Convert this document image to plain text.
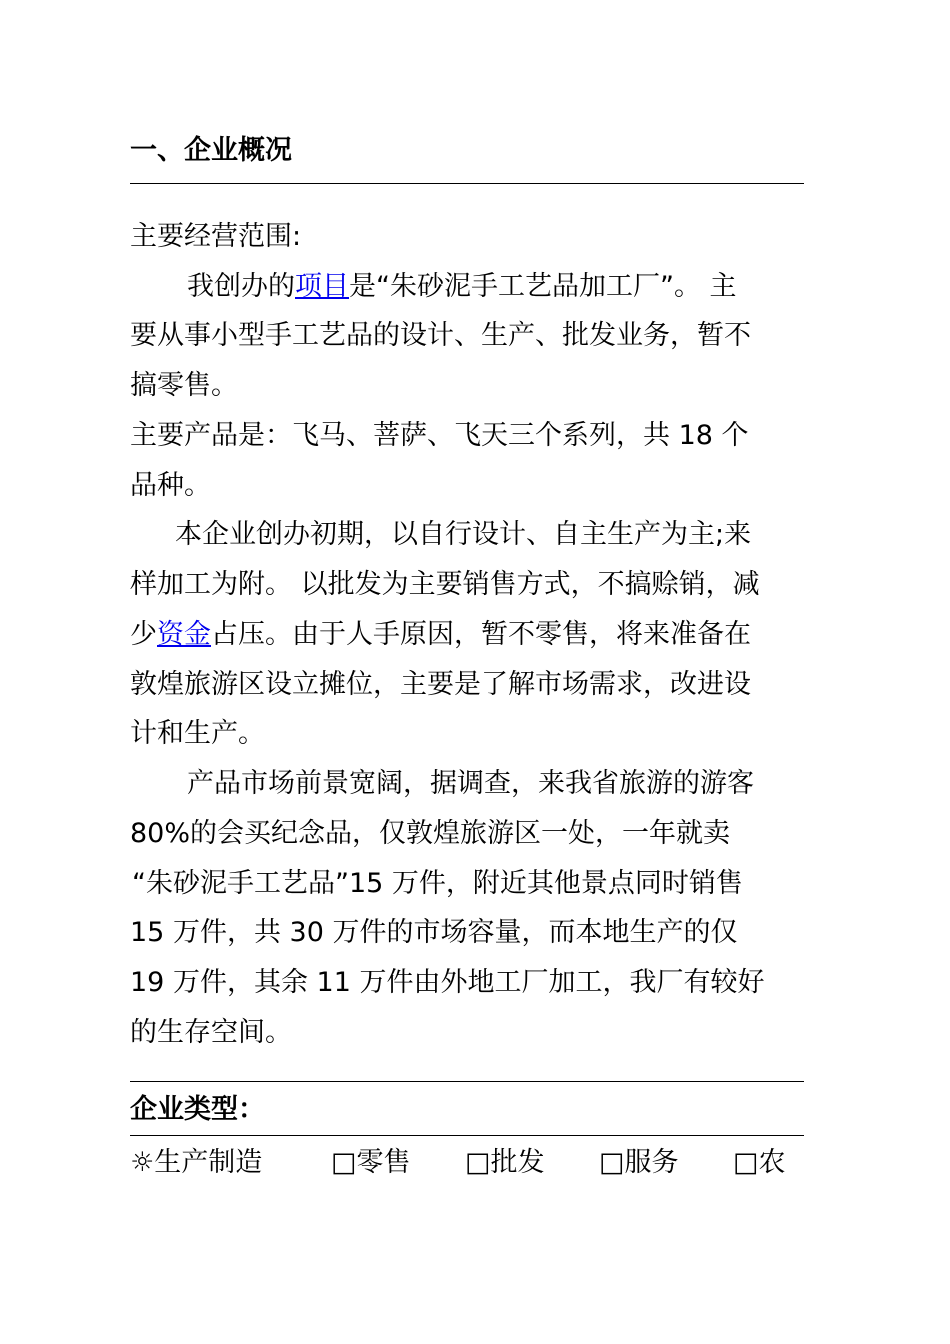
一、企业概况
主要经营范围:
我创办的项目是“朱砂泥手工艺品加工厂”。 主
要从事小型手工艺品的设计、生产、批发业务，暂不
搞零售。
主要产品是：飞马、菩萨、飞天三个系列，共 18 个
品种。
本企业创办初期，以自行设计、自主生产为主;来
样加工为附。 以批发为主要销售方式，不搞赊销，减
少资金占压。由于人手原因，暂不零售，将来准备在
敦煌旅游区设立摊位，主要是了解市场需求，改进设
计和生产。
产品市场前景宽阔，据调查，来我省旅游的游客
80%的会买纪念品，仅敦煌旅游区一处，一年就卖
“朱砂泥手工艺品”15 万件，附近其他景点同时销售
15 万件，共 30 万件的市场容量，而本地生产的仅
19 万件，其余 11 万件由外地工厂加工，我厂有较好
的生存空间。
企业类型：
☼生产制造	□零售 □批发 □服务 □农
